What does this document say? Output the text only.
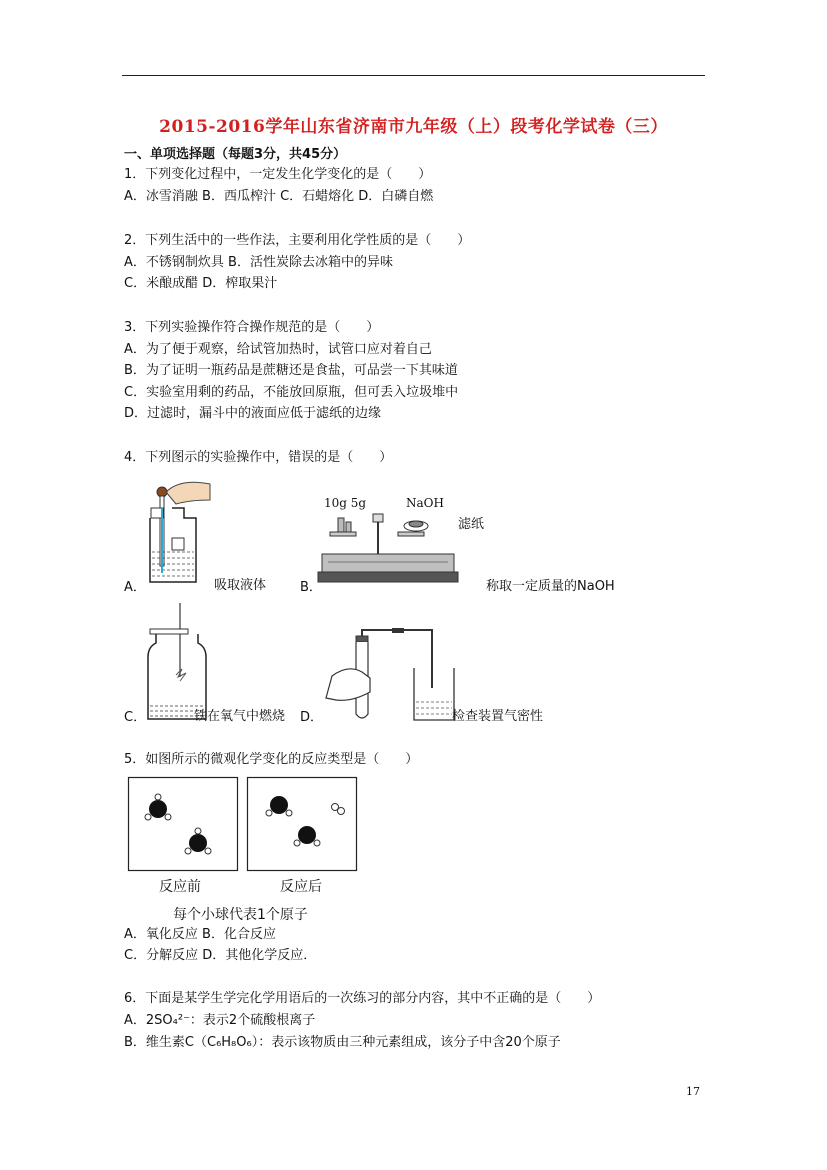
2015-2016学年山东省济南市九年级（上）段考化学试卷（三）
一、单项选择题（每题3分，共45分）
1．下列变化过程中，一定发生化学变化的是（　　）
A．冰雪消融 B．西瓜榨汁 C．石蜡熔化 D．白磷自燃
2．下列生活中的一些作法，主要利用化学性质的是（　　）
A．不锈钢制炊具 B．活性炭除去冰箱中的异味
C．米酿成醋 D．榨取果汁
3．下列实验操作符合操作规范的是（　　）
A．为了便于观察，给试管加热时，试管口应对着自己
B．为了证明一瓶药品是蔗糖还是食盐，可品尝一下其味道
C．实验室用剩的药品，不能放回原瓶，但可丢入垃圾堆中
D．过滤时，漏斗中的液面应低于滤纸的边缘
4．下列图示的实验操作中，错误的是（　　）
A．	吸取液体
10g 5g	NaOH
滤纸
B．	称取一定质量的NaOH
C．	铁在氧气中燃烧 D．	检查装置气密性
5．如图所示的微观化学变化的反应类型是（　　）
反应前	反应后
每个小球代表1个原子
A．氧化反应 B．化合反应
C．分解反应 D．其他化学反应．
6．下面是某学生学完化学用语后的一次练习的部分内容，其中不正确的是（　　）
A．2SO₄²⁻：表示2个硫酸根离子
B．维生素C（C₆H₈O₆）：表示该物质由三种元素组成，该分子中含20个原子
17
